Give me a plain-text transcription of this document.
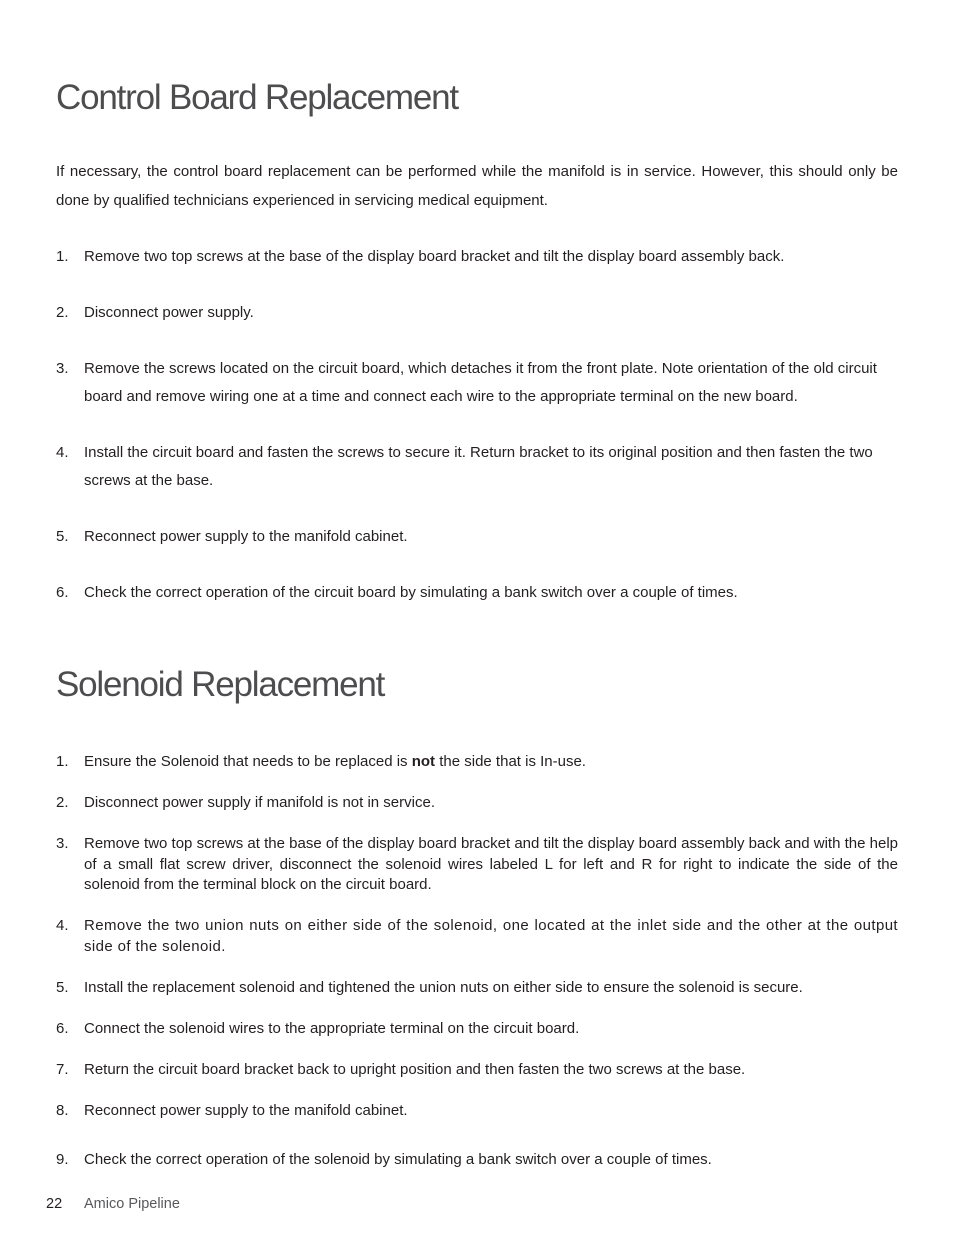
Control Board Replacement

If necessary, the control board replacement can be performed while the manifold is in service. However, this should only be done by qualified technicians experienced in servicing medical equipment.

1.	Remove two top screws at the base of the display board bracket and tilt the display board assembly back.
2.	Disconnect power supply.
3.	Remove the screws located on the circuit board, which detaches it from the front plate. Note orientation of the old circuit board and remove wiring one at a time and connect each wire to the appropriate terminal on the new board.
4.	Install the circuit board and fasten the screws to secure it. Return bracket to its original position and then fasten the two screws at the base.
5.	Reconnect power supply to the manifold cabinet.
6.	Check the correct operation of the circuit board by simulating a bank switch over a couple of times.
Solenoid Replacement
1.	Ensure the Solenoid that needs to be replaced is not the side that is In-use.
2.	Disconnect power supply if manifold is not in service.
3.	Remove two top screws at the base of the display board bracket and tilt the display board assembly back and with the help of a small flat screw driver, disconnect the solenoid wires labeled L for left and R for right to indicate the side of the solenoid from the terminal block on the circuit board.
4.	Remove the two union nuts on either side of the solenoid, one located at the inlet side and the other at the output side of the solenoid.
5.	Install the replacement solenoid and tightened the union nuts on either side to ensure the solenoid is secure.
6.	Connect the solenoid wires to the appropriate terminal on the circuit board.
7.	Return the circuit board bracket back to upright position and then fasten the two screws at the base.
8.	Reconnect power supply to the manifold cabinet.
9.	Check the correct operation of the solenoid by simulating a bank switch over a couple of times.
22 Amico Pipeline
